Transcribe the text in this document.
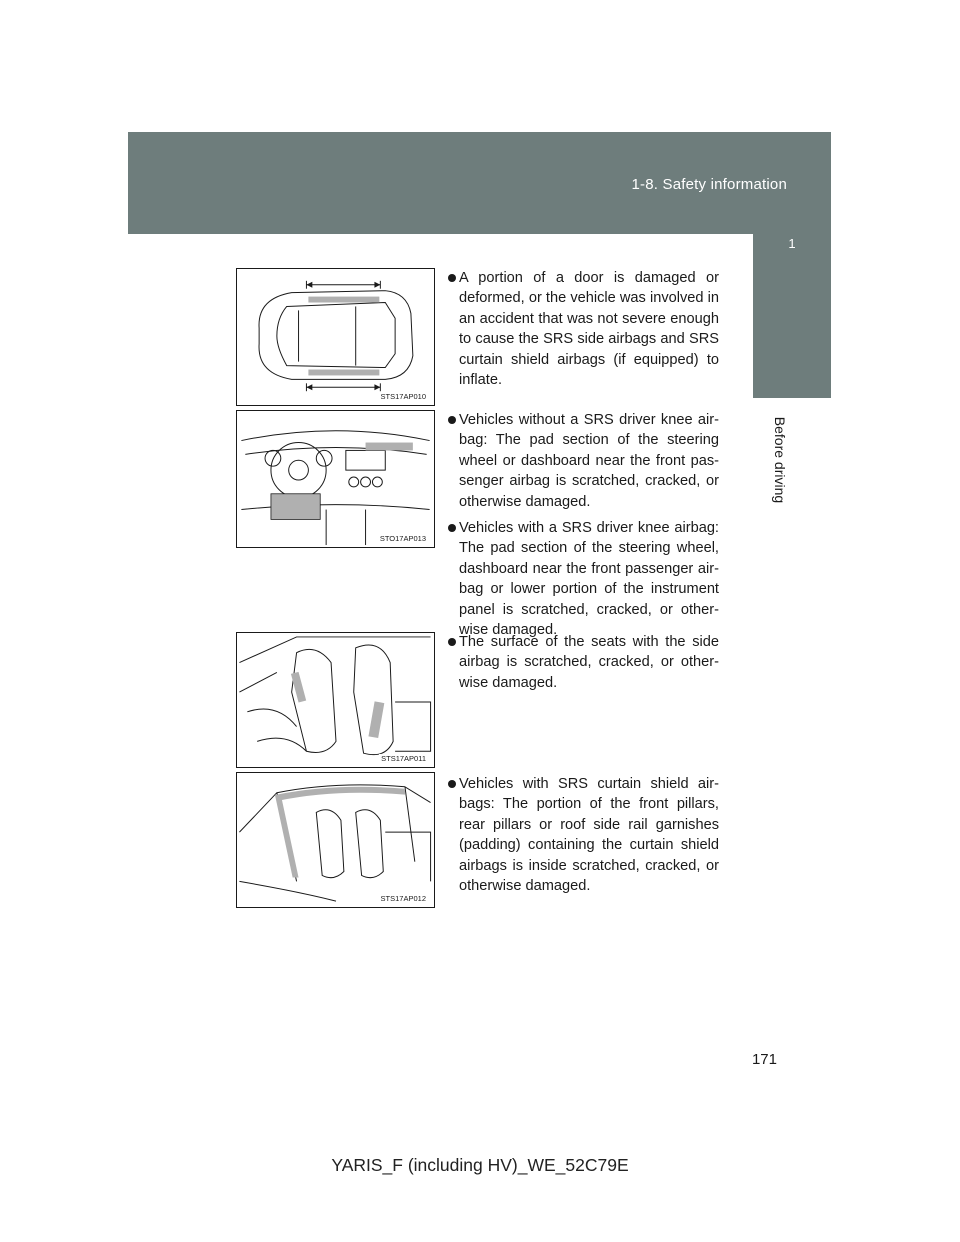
1-8. Safety information
1
Before driving
STS17AP010
STO17AP013
STS17AP011
STS17AP012
A portion of a door is damaged or deformed, or the vehicle was involved in an accident that was not severe enough to cause the SRS side airbags and SRS curtain shield airbags (if equipped) to inflate.
Vehicles without a SRS driver knee air-bag: The pad section of the steering wheel or dashboard near the front pas-senger airbag is scratched, cracked, or otherwise damaged.
Vehicles with a SRS driver knee airbag: The pad section of the steering wheel, dashboard near the front passenger air-bag or lower portion of the instrument panel is scratched, cracked, or other-wise damaged.
The surface of the seats with the side airbag is scratched, cracked, or other-wise damaged.
Vehicles with SRS curtain shield air-bags: The portion of the front pillars, rear pillars or roof side rail garnishes (padding) containing the curtain shield airbags is inside scratched, cracked, or otherwise damaged.
171
YARIS_F (including HV)_WE_52C79E
